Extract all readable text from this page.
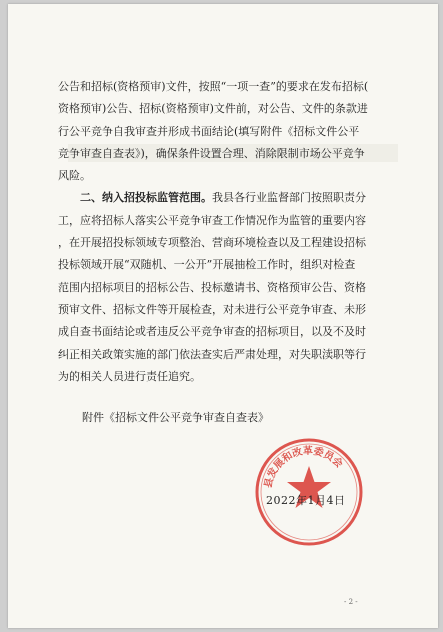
公告和招标(资格预审)文件，按照“一项一查”的要求在发布招标(
资格预审)公告、招标(资格预审)文件前，对公告、文件的条款进
行公平竞争自我审查并形成书面结论(填写附件《招标文件公平
竞争审查自查表》)，确保条件设置合理、消除限制市场公平竞争
风险。
二、纳入招投标监管范围。我县各行业监督部门按照职责分
工，应将招标人落实公平竞争审查工作情况作为监管的重要内容
，在开展招投标领域专项整治、营商环境检查以及工程建设招标
投标领域开展“双随机、一公开”开展抽检工作时，组织对检查
范围内招标项目的招标公告、投标邀请书、资格预审公告、资格
预审文件、招标文件等开展检查，对未进行公平竞争审查、未形
成自查书面结论或者违反公平竞争审查的招标项目，以及不及时
纠正相关政策实施的部门依法查实后严肃处理，对失职渎职等行
为的相关人员进行责任追究。
附件《招标文件公平竞争审查自查表》
县发展和改革委员会
2022年1月4日
- 2 -
